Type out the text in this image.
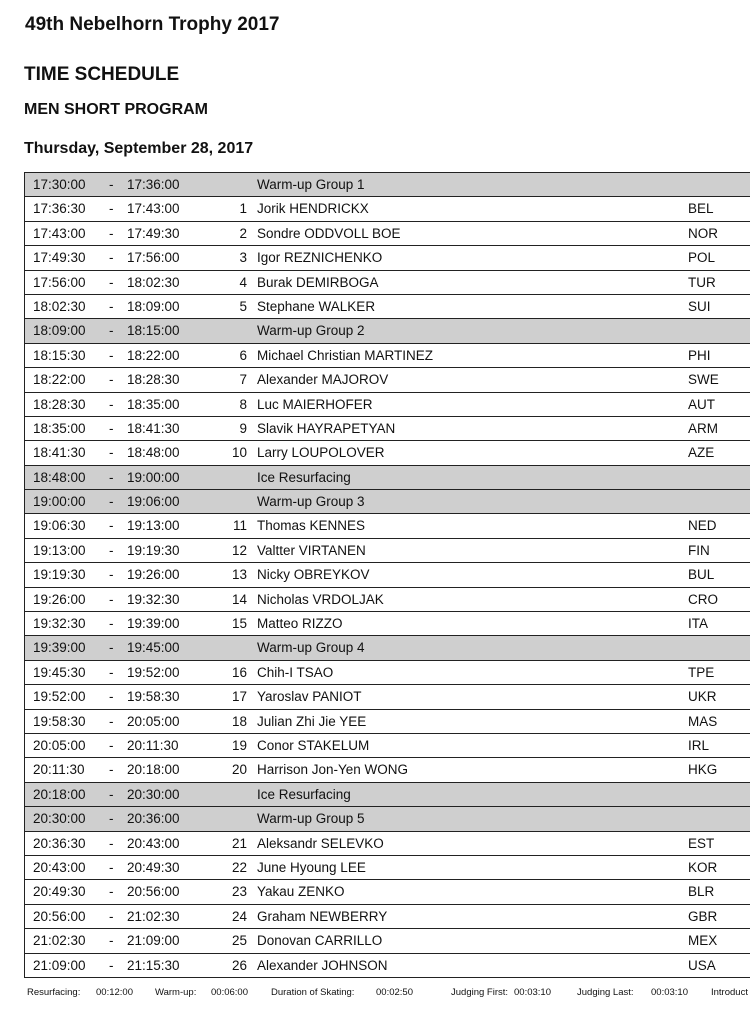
49th Nebelhorn Trophy 2017
TIME SCHEDULE
MEN SHORT PROGRAM
Thursday, September 28, 2017
17:30:00 - 17:36:00	Warm-up Group 1
17:36:30 - 17:43:00	1 Jorik HENDRICKX	BEL
17:43:00 - 17:49:30	2 Sondre ODDVOLL BOE	NOR
17:49:30 - 17:56:00	3 Igor REZNICHENKO	POL
17:56:00 - 18:02:30	4 Burak DEMIRBOGA	TUR
18:02:30 - 18:09:00	5 Stephane WALKER	SUI
18:09:00 - 18:15:00	Warm-up Group 2
18:15:30 - 18:22:00	6 Michael Christian MARTINEZ	PHI
18:22:00 - 18:28:30	7 Alexander MAJOROV	SWE
18:28:30 - 18:35:00	8 Luc MAIERHOFER	AUT
18:35:00 - 18:41:30	9 Slavik HAYRAPETYAN	ARM
18:41:30 - 18:48:00	10 Larry LOUPOLOVER	AZE
18:48:00 - 19:00:00	Ice Resurfacing
19:00:00 - 19:06:00	Warm-up Group 3
19:06:30 - 19:13:00	11 Thomas KENNES	NED
19:13:00 - 19:19:30	12 Valtter VIRTANEN	FIN
19:19:30 - 19:26:00	13 Nicky OBREYKOV	BUL
19:26:00 - 19:32:30	14 Nicholas VRDOLJAK	CRO
19:32:30 - 19:39:00	15 Matteo RIZZO	ITA
19:39:00 - 19:45:00	Warm-up Group 4
19:45:30 - 19:52:00	16 Chih-I TSAO	TPE
19:52:00 - 19:58:30	17 Yaroslav PANIOT	UKR
19:58:30 - 20:05:00	18 Julian Zhi Jie YEE	MAS
20:05:00 - 20:11:30	19 Conor STAKELUM	IRL
20:11:30 - 20:18:00	20 Harrison Jon-Yen WONG	HKG
20:18:00 - 20:30:00	Ice Resurfacing
20:30:00 - 20:36:00	Warm-up Group 5
20:36:30 - 20:43:00	21 Aleksandr SELEVKO	EST
20:43:00 - 20:49:30	22 June Hyoung LEE	KOR
20:49:30 - 20:56:00	23 Yakau ZENKO	BLR
20:56:00 - 21:02:30	24 Graham NEWBERRY	GBR
21:02:30 - 21:09:00	25 Donovan CARRILLO	MEX
21:09:00 - 21:15:30	26 Alexander JOHNSON	USA
Resurfacing: 00:12:00 Warm-up: 00:06:00 Duration of Skating: 00:02:50	Judging First: 00:03:10	Judging Last: 00:03:10 Introduct
